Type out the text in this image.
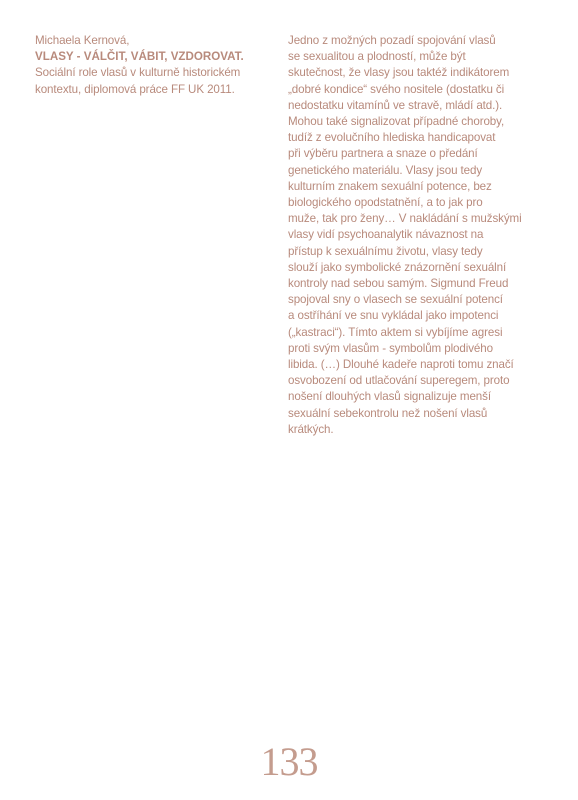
Michaela Kernová,
VLASY - VÁLČIT, VÁBIT, VZDOROVAT.
Sociální role vlasů v kulturně historickém
kontextu, diplomová práce FF UK 2011.
Jedno z možných pozadí spojování vlasů
se sexualitou a plodností, může být
skutečnost, že vlasy jsou taktéž indikátorem
„dobré kondice“ svého nositele (dostatku či
nedostatku vitamínů ve stravě, mládí atd.).
Mohou také signalizovat případné choroby,
tudíž z evolučního hlediska handicapovat
při výběru partnera a snaze o předání
genetického materiálu. Vlasy jsou tedy
kulturním znakem sexuální potence, bez
biologického opodstatnění, a to jak pro
muže, tak pro ženy… V nakládání s mužskými
vlasy vidí psychoanalytik návaznost na
přístup k sexuálnímu životu, vlasy tedy
slouží jako symbolické znázornění sexuální
kontroly nad sebou samým. Sigmund Freud
spojoval sny o vlasech se sexuální potencí
a ostříhání ve snu vykládal jako impotenci
(„kastraci“). Tímto aktem si vybíjíme agresi
proti svým vlasům - symbolům plodivého
libida. (…) Dlouhé kadeře naproti tomu značí
osvobození od utlačování superegem, proto
nošení dlouhých vlasů signalizuje menší
sexuální sebekontrolu než nošení vlasů
krátkých.
133
